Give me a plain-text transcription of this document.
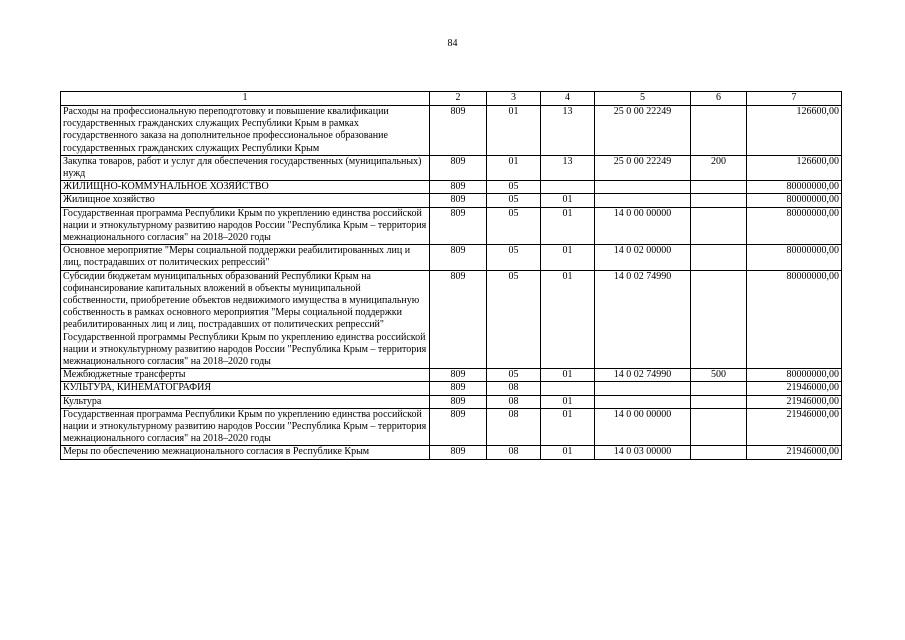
84
1	2	3	4	5	6	7
Расходы на профессиональную переподготовку и повышение квалификации государственных гражданских служащих Республики Крым в рамках государственного заказа на дополнительное профессиональное образование государственных гражданских служащих Республики Крым	809	01	13	25 0 00 22249		126600,00
Закупка товаров, работ и услуг для обеспечения государственных (муниципальных) нужд	809	01	13	25 0 00 22249	200	126600,00
ЖИЛИЩНО-КОММУНАЛЬНОЕ ХОЗЯЙСТВО	809	05				80000000,00
Жилищное хозяйство	809	05	01			80000000,00
Государственная программа Республики Крым по укреплению единства российской нации и этнокультурному развитию народов России "Республика Крым – территория межнационального согласия" на 2018–2020 годы	809	05	01	14 0 00 00000		80000000,00
Основное мероприятие "Меры социальной поддержки реабилитированных лиц и лиц, пострадавших от политических репрессий"	809	05	01	14 0 02 00000		80000000,00
Субсидии бюджетам муниципальных образований Республики Крым на софинансирование капитальных вложений в объекты муниципальной собственности, приобретение объектов недвижимого имущества в муниципальную собственность в рамках основного мероприятия "Меры социальной поддержки реабилитированных лиц и лиц, пострадавших от политических репрессий" Государственной программы Республики Крым по укреплению единства российской нации и этнокультурному развитию народов России "Республика Крым – территория межнационального согласия" на 2018–2020 годы	809	05	01	14 0 02 74990		80000000,00
Межбюджетные трансферты	809	05	01	14 0 02 74990	500	80000000,00
КУЛЬТУРА, КИНЕМАТОГРАФИЯ	809	08				21946000,00
Культура	809	08	01			21946000,00
Государственная программа Республики Крым по укреплению единства российской нации и этнокультурному развитию народов России "Республика Крым – территория межнационального согласия" на 2018–2020 годы	809	08	01	14 0 00 00000		21946000,00
Меры по обеспечению межнационального согласия в Республике Крым	809	08	01	14 0 03 00000		21946000,00
